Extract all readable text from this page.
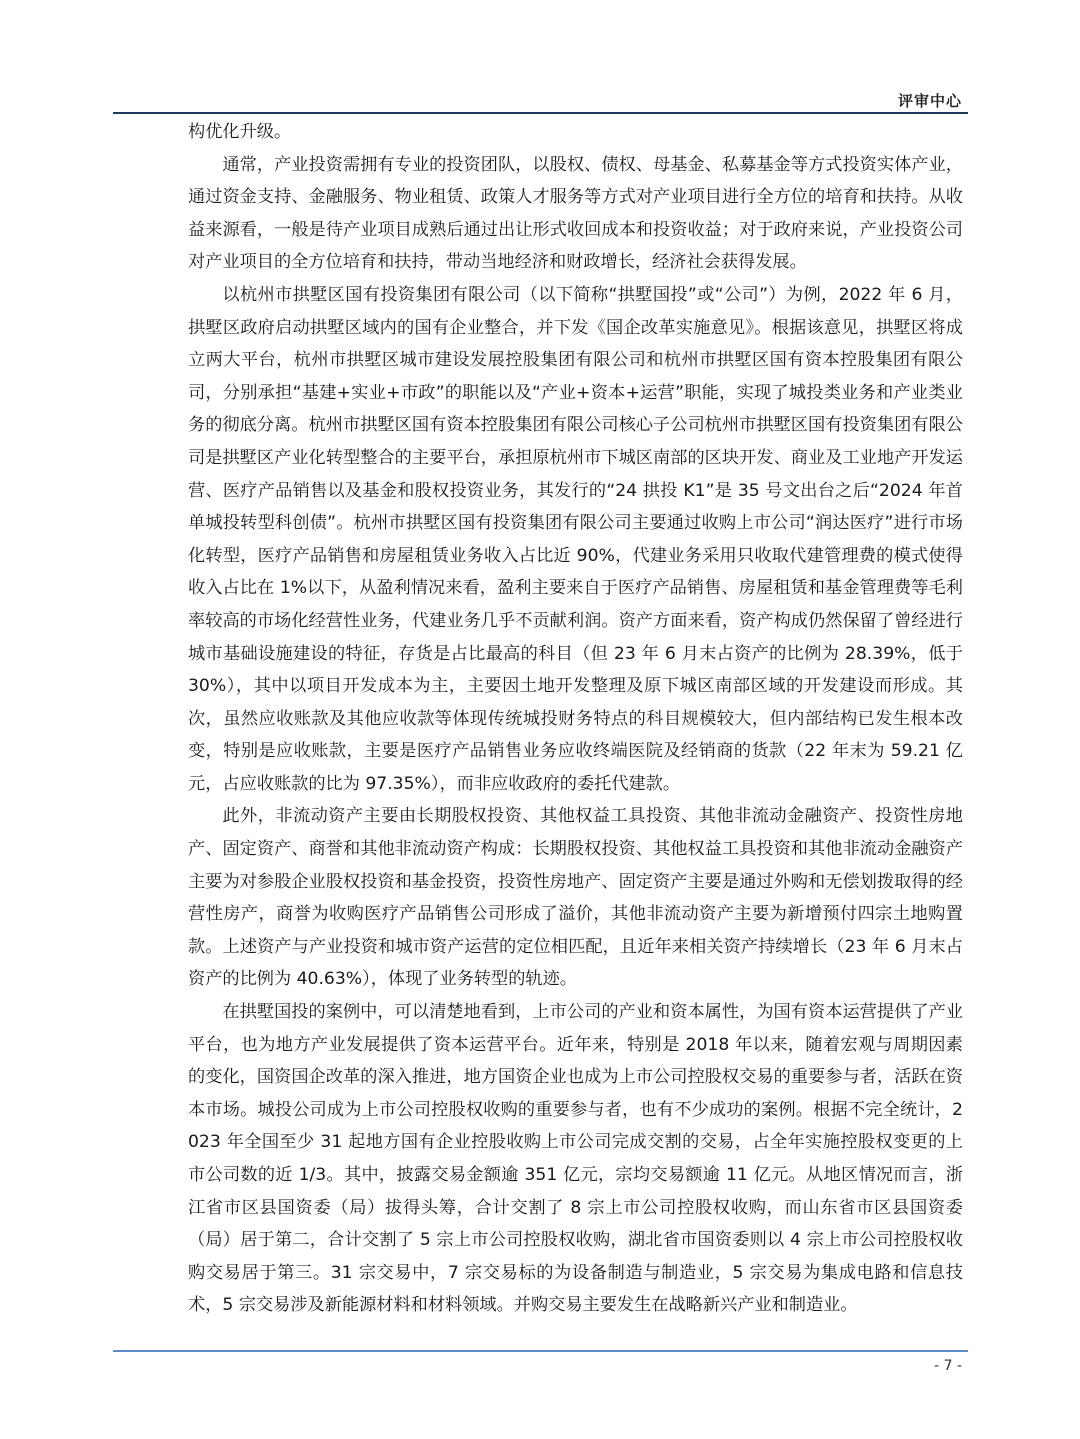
评审中心

构优化升级。

通常，产业投资需拥有专业的投资团队，以股权、债权、母基金、私募基金等方式投资实体产业，通过资金支持、金融服务、物业租赁、政策人才服务等方式对产业项目进行全方位的培育和扶持。从收益来源看，一般是待产业项目成熟后通过出让形式收回成本和投资收益；对于政府来说，产业投资公司对产业项目的全方位培育和扶持，带动当地经济和财政增长，经济社会获得发展。

以杭州市拱墅区国有投资集团有限公司（以下简称“拱墅国投”或“公司”）为例，2022 年 6 月，拱墅区政府启动拱墅区域内的国有企业整合，并下发《国企改革实施意见》。根据该意见，拱墅区将成立两大平台，杭州市拱墅区城市建设发展控股集团有限公司和杭州市拱墅区国有资本控股集团有限公司，分别承担“基建+实业+市政”的职能以及“产业+资本+运营”职能，实现了城投类业务和产业类业务的彻底分离。杭州市拱墅区国有资本控股集团有限公司核心子公司杭州市拱墅区国有投资集团有限公司是拱墅区产业化转型整合的主要平台，承担原杭州市下城区南部的区块开发、商业及工业地产开发运营、医疗产品销售以及基金和股权投资业务，其发行的“24 拱投 K1”是 35 号文出台之后“2024 年首单城投转型科创债”。杭州市拱墅区国有投资集团有限公司主要通过收购上市公司“润达医疗”进行市场化转型，医疗产品销售和房屋租赁业务收入占比近 90%，代建业务采用只收取代建管理费的模式使得收入占比在 1%以下，从盈利情况来看，盈利主要来自于医疗产品销售、房屋租赁和基金管理费等毛利率较高的市场化经营性业务，代建业务几乎不贡献利润。资产方面来看，资产构成仍然保留了曾经进行城市基础设施建设的特征，存货是占比最高的科目（但 23 年 6 月末占资产的比例为 28.39%，低于 30%），其中以项目开发成本为主，主要因土地开发整理及原下城区南部区域的开发建设而形成。其次，虽然应收账款及其他应收款等体现传统城投财务特点的科目规模较大，但内部结构已发生根本改变，特别是应收账款，主要是医疗产品销售业务应收终端医院及经销商的货款（22 年末为 59.21 亿元，占应收账款的比为 97.35%），而非应收政府的委托代建款。

此外，非流动资产主要由长期股权投资、其他权益工具投资、其他非流动金融资产、投资性房地产、固定资产、商誉和其他非流动资产构成：长期股权投资、其他权益工具投资和其他非流动金融资产主要为对参股企业股权投资和基金投资，投资性房地产、固定资产主要是通过外购和无偿划拨取得的经营性房产，商誉为收购医疗产品销售公司形成了溢价，其他非流动资产主要为新增预付四宗土地购置款。上述资产与产业投资和城市资产运营的定位相匹配，且近年来相关资产持续增长（23 年 6 月末占资产的比例为 40.63%），体现了业务转型的轨迹。

在拱墅国投的案例中，可以清楚地看到，上市公司的产业和资本属性，为国有资本运营提供了产业平台，也为地方产业发展提供了资本运营平台。近年来，特别是 2018 年以来，随着宏观与周期因素的变化，国资国企改革的深入推进，地方国资企业也成为上市公司控股权交易的重要参与者，活跃在资本市场。城投公司成为上市公司控股权收购的重要参与者，也有不少成功的案例。根据不完全统计，2023 年全国至少 31 起地方国有企业控股收购上市公司完成交割的交易，占全年实施控股权变更的上市公司数的近 1/3。其中，披露交易金额逾 351 亿元，宗均交易额逾 11 亿元。从地区情况而言，浙江省市区县国资委（局）拔得头筹，合计交割了 8 宗上市公司控股权收购，而山东省市区县国资委（局）居于第二，合计交割了 5 宗上市公司控股权收购，湖北省市国资委则以 4 宗上市公司控股权收购交易居于第三。31 宗交易中，7 宗交易标的为设备制造与制造业，5 宗交易为集成电路和信息技术，5 宗交易涉及新能源材料和材料领域。并购交易主要发生在战略新兴产业和制造业。

- 7 -
